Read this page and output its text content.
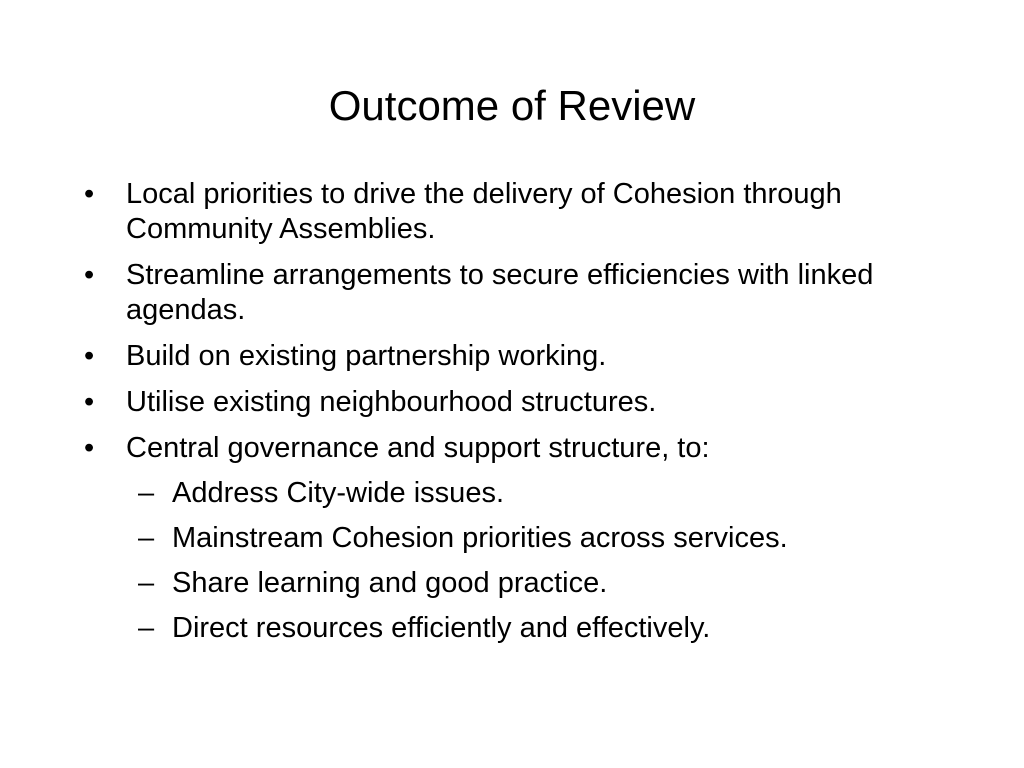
Outcome of Review
•	Local priorities to drive the delivery of Cohesion through Community Assemblies.
•	Streamline arrangements to secure efficiencies with linked agendas.
•	Build on existing partnership working.
•	Utilise existing neighbourhood structures.
•	Central governance and support structure, to:
– Address City-wide issues.
– Mainstream Cohesion priorities across services.
– Share learning and good practice.
– Direct resources efficiently and effectively.
